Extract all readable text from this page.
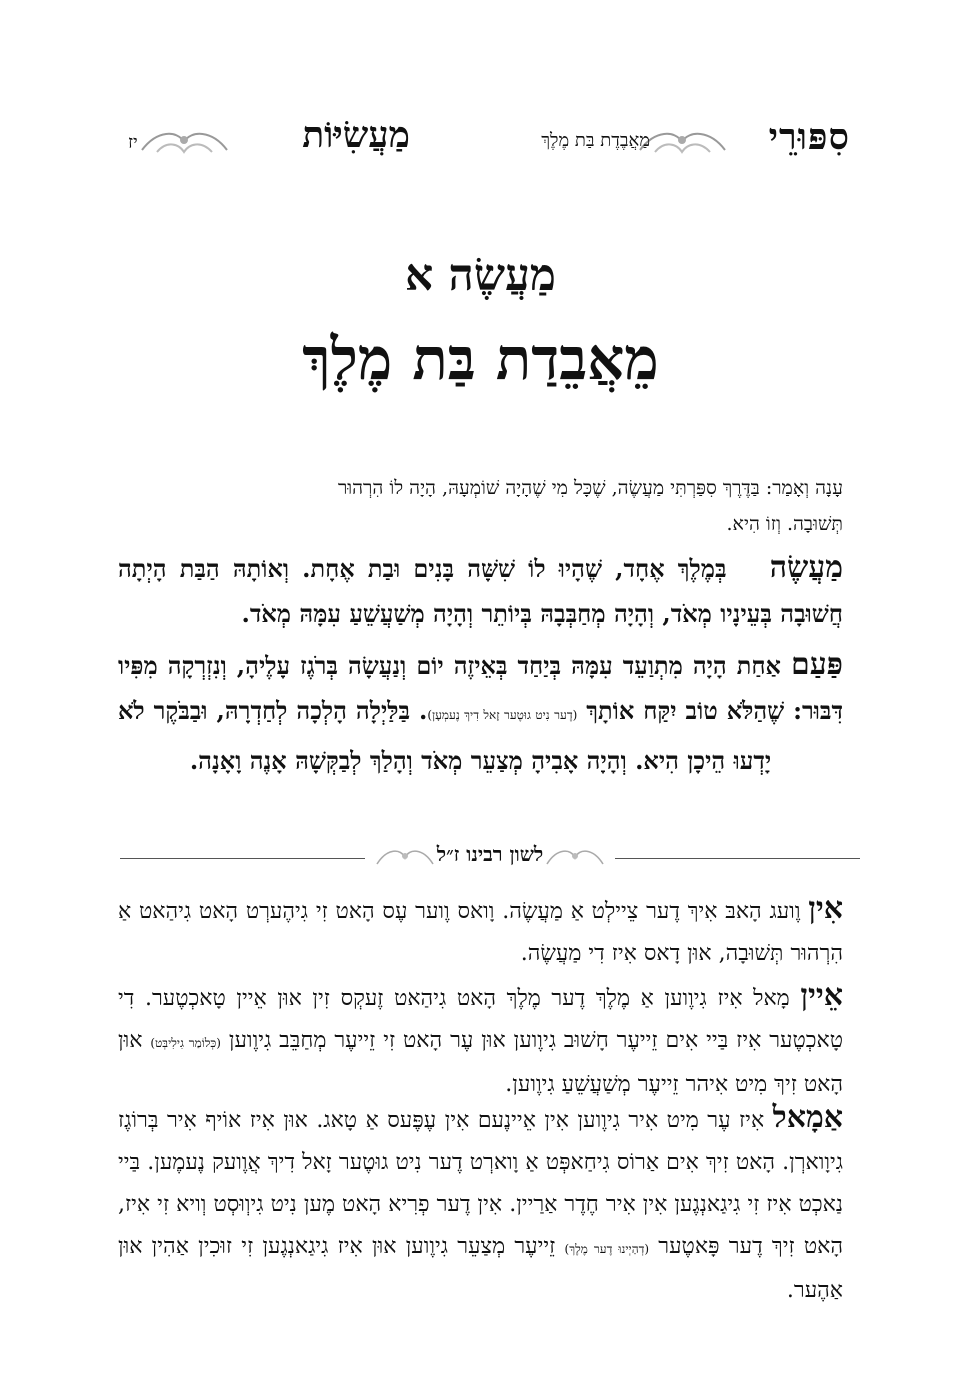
סִפּוּרֵי
מַאֲבֶדֶת בַּת מֶלֶךְ
מַעֲשִׂיּוֹת
יז
מַעֲשֶׂה א
מֵאֲבֵדַת בַּת מֶלֶךְ
עָנָה וְאָמַר: בַּדֶּרֶךְ סִפַּרְתִּי מַעֲשֶׂה, שֶׁכָּל מִי שֶׁהָיָה שׁוֹמְעָהּ, הָיָה לוֹ הִרְהוּר
תְּשׁוּבָה. וְזוֹ הִיא.
מַעֲשֶׂה בְּמֶלֶךְ אֶחָד, שֶׁהָיוּ לוֹ שִׁשָּׁה בָּנִים וּבַת אֶחָת. וְאוֹתָהּ הַבַּת הָיְתָה חֲשׁוּבָה בְּעֵינָיו מְאֹד, וְהָיָה מְחַבְּבָהּ בְּיוֹתֵר וְהָיָה מְשַׁעֲשֵׁעַ עִמָּהּ מְאֹד.
פַּעַם אַחַת הָיָה מִתְוַעֵד עִמָּהּ בְּיַחַד בְּאֵיזֶה יוֹם וְנַעֲשָׂה בְּרֹגֶז עָלֶיהָ, וְנִזְרְקָה מִפִּיו דִּבּוּר: שֶׁהַלֹּא טוֹב יִקַּח אוֹתָךְ (דֶער נִיט גוּטֶער זָאל דִיךְ נֶעמְעָן). בַּלַּיְלָה הָלְכָה לְחַדְרָהּ, וּבַבֹּקֶר לֹא יָדְעוּ הֵיכָן הִיא. וְהָיָה אָבִיהָ מְצַעֵר מְאֹד וְהָלַךְ לְבַקְּשָׁהּ אָנֶה וָאָנָה.
לשון רבינו ז״ל
אִין וֶועג הָאבּ אִיךְ דֶער צֵיילְט אַ מַעֲשֶׂה. וָואס וֶוער עֶס הָאט זִי גִיהֶערְט הָאט גִיהַאט אַ הִרְהוּר תְּשׁוּבָה, אוּן דָאס אִיז דִי מַעֲשֶׂה.
אֵיין מָאל אִיז גִיוֶוען אַ מֶלֶךְ דֶער מֶלֶךְ הָאט גִיהַאט זֶעקְס זִין אוּן אֵיין טָאכְטֶער. דִי טָאכְטֶער אִיז בַּיי אִים זֵייעֶר חָשׁוּב גִיוֶוען אוּן עֶר הָאט זִי זֵייעֶר מְחַבֵּב גִיוֶוען (כְּלוֹמַר גִילִיבְּט) אוּן הָאט זִיךְ מִיט אִיהר זֵייעֶר מְשַׁעֲשֵׁעַ גִיוֶוען.
אַמָאל אִיז עֶר מִיט אִיר גִיוֶוען אִין אֵיינֶעם אִין עֶפֶּעס אַ טָאג. אוּן אִיז אוֹיף אִיר בְּרוֹגֶז גִיוָוארְן. הָאט זִיךְ אִים אַרוֹס גִיחַאפְּט אַ וָוארְט דֶער נִיט גוּטֶער זָאל דִיךְ אֲוֶועק נֶעמֶען. בַּיי נַאכְט אִיז זִי גִיגַאנְגֶען אִין אִיר חֶדֶר אַרַיין. אִין דֶער פְרִיא הָאט מֶען נִיט גִיוְוּסְט וְויא זִי אִיז, הָאט זִיךְ דֶער פָּאטֶער (דְהַיְינוּ דֶער מֶלֶךְ) זֵייעֶר מְצַעֵר גִיוֶוען אוּן אִיז גִיגַאנְגֶען זִי זוּכִין אַהִין אוּן אַהֶער.
